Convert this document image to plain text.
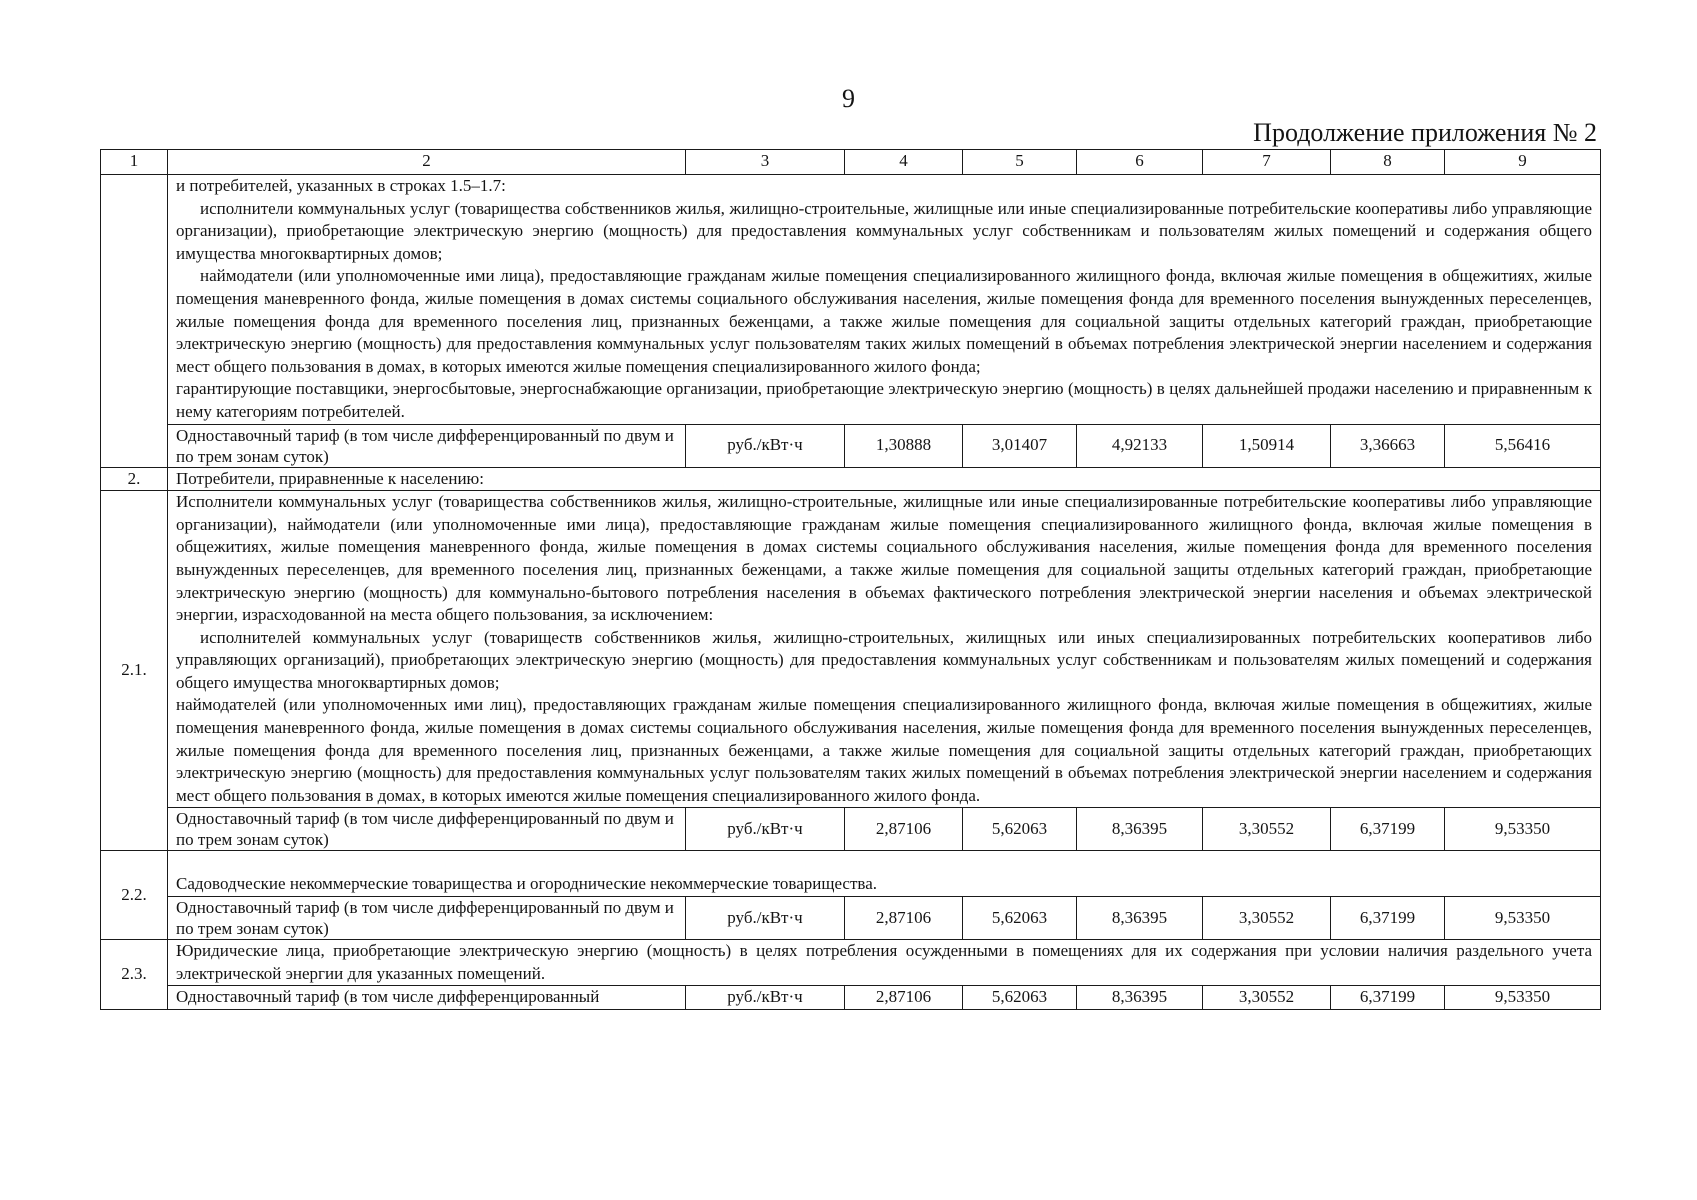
9
Продолжение приложения № 2
1	2	3	4	5	6	7	8	9

	и потребителей, указанных в строках 1.5–1.7:
исполнители коммунальных услуг (товарищества собственников жилья, жилищно-строительные, жилищные или иные специализированные потребительские кооперативы либо управляющие организации), приобретающие электрическую энергию (мощность) для предоставления коммунальных услуг собственникам и пользователям жилых помещений и содержания общего имущества многоквартирных домов;
наймодатели (или уполномоченные ими лица), предоставляющие гражданам жилые помещения специализированного жилищного фонда, включая жилые помещения в общежитиях, жилые помещения маневренного фонда, жилые помещения в домах системы социального обслуживания населения, жилые помещения фонда для временного поселения вынужденных переселенцев, жилые помещения фонда для временного поселения лиц, признанных беженцами, а также жилые помещения для социальной защиты отдельных категорий граждан, приобретающие электрическую энергию (мощность) для предоставления коммунальных услуг пользователям таких жилых помещений в объемах потребления электрической энергии населением и содержания мест общего пользования в домах, в которых имеются жилые помещения специализированного жилого фонда;
гарантирующие поставщики, энергосбытовые, энергоснабжающие организации, приобретающие электрическую энергию (мощность) в целях дальнейшей продажи населению и приравненным к нему категориям потребителей.							

	Одноставочный тариф (в том числе дифференцированный по двум и по трем зонам суток)	руб./кВт·ч	1,30888	3,01407	4,92133	1,50914	3,36663	5,56416
2.	Потребители, приравненные к населению:							
2.1.	Исполнители коммунальных услуг (товарищества собственников жилья, жилищно-строительные, жилищные или иные специализированные потребительские кооперативы либо управляющие организации), наймодатели (или уполномоченные ими лица), предоставляющие гражданам жилые помещения специализированного жилищного фонда, включая жилые помещения в общежитиях, жилые помещения маневренного фонда, жилые помещения в домах системы социального обслуживания населения, жилые помещения фонда для временного поселения вынужденных переселенцев, для временного поселения лиц, признанных беженцами, а также жилые помещения для социальной защиты отдельных категорий граждан, приобретающие электрическую энергию (мощность) для коммунально-бытового потребления населения в объемах фактического потребления электрической энергии населения и объемах электрической энергии, израсходованной на места общего пользования, за исключением:
исполнителей коммунальных услуг (товариществ собственников жилья, жилищно-строительных, жилищных или иных специализированных потребительских кооперативов либо управляющих организаций), приобретающих электрическую энергию (мощность) для предоставления коммунальных услуг собственникам и пользователям жилых помещений и содержания общего имущества многоквартирных домов;
наймодателей (или уполномоченных ими лиц), предоставляющих гражданам жилые помещения специализированного жилищного фонда, включая жилые помещения в общежитиях, жилые помещения маневренного фонда, жилые помещения в домах системы социального обслуживания населения, жилые помещения фонда для временного поселения вынужденных переселенцев, жилые помещения фонда для временного поселения лиц, признанных беженцами, а также жилые помещения для социальной защиты отдельных категорий граждан, приобретающих электрическую энергию (мощность) для предоставления коммунальных услуг пользователям таких жилых помещений в объемах потребления электрической энергии населением и содержания мест общего пользования в домах, в которых имеются жилые помещения специализированного жилого фонда.							

	Одноставочный тариф (в том числе дифференцированный по двум и по трем зонам суток)	руб./кВт·ч	2,87106	5,62063	8,36395	3,30552	6,37199	9,53350
2.2.	Садоводческие некоммерческие товарищества и огороднические некоммерческие товарищества.							

	Одноставочный тариф (в том числе дифференцированный по двум и по трем зонам суток)	руб./кВт·ч	2,87106	5,62063	8,36395	3,30552	6,37199	9,53350
2.3.	Юридические лица, приобретающие электрическую энергию (мощность) в целях потребления осужденными в помещениях для их содержания при условии наличия раздельного учета электрической энергии для указанных помещений.							
	Одноставочный тариф (в том числе дифференцированный	руб./кВт·ч	2,87106	5,62063	8,36395	3,30552	6,37199	9,53350
